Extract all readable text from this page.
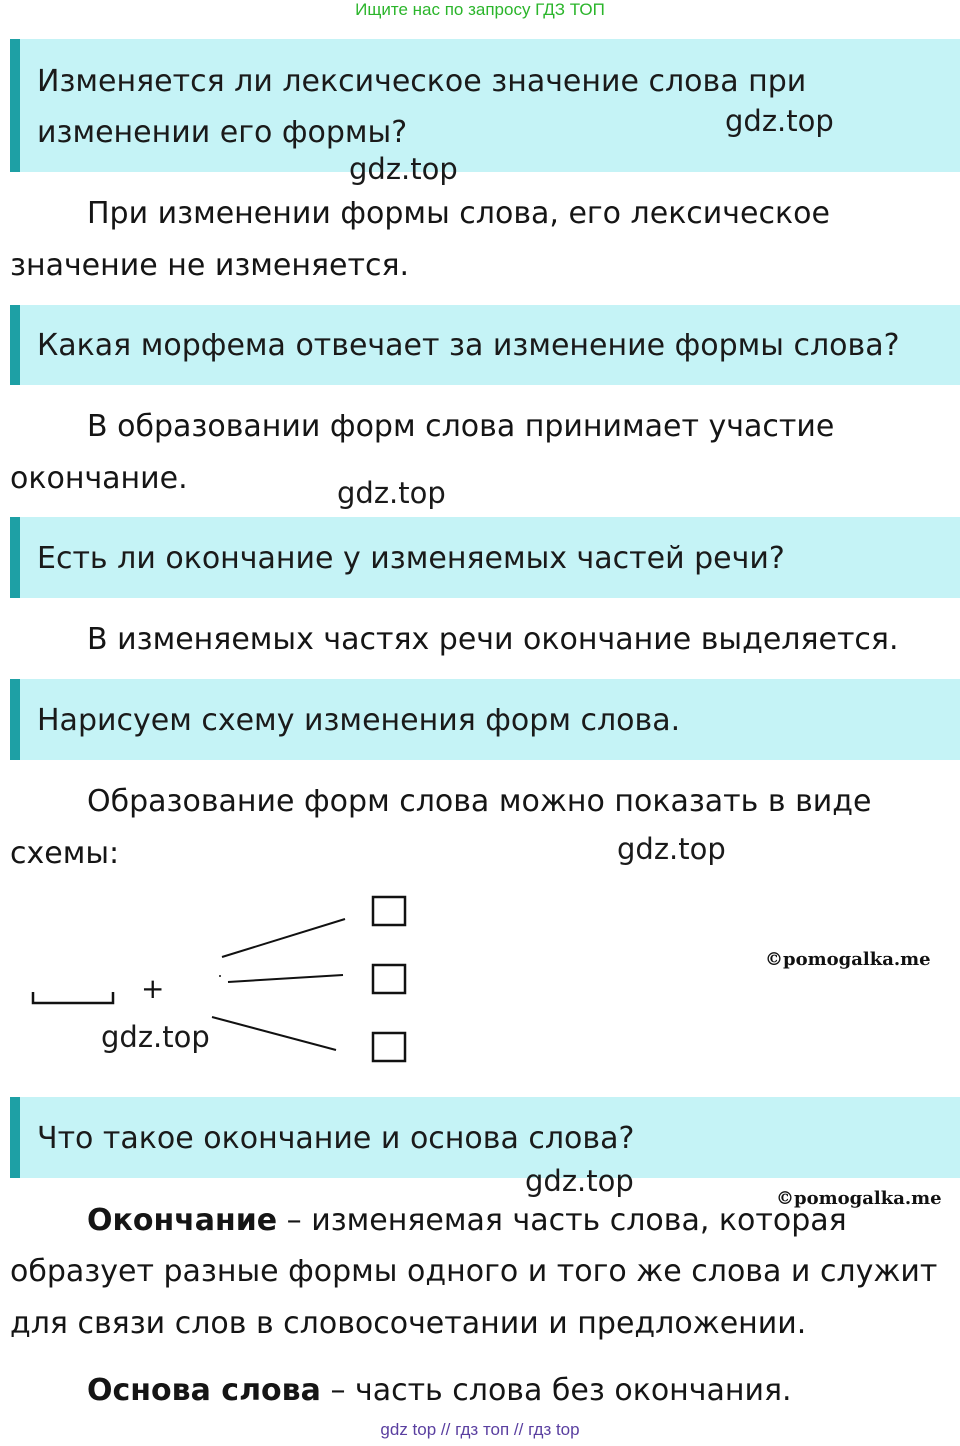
Ищите нас по запросу ГДЗ ТОП
Изменяется ли лексическое значение слова при
изменении его формы?	gdz.top
gdz.top
При изменении формы слова, его лексическое
значение не изменяется.
Какая морфема отвечает за изменение формы слова?
В образовании форм слова принимает участие
окончание.	gdz.top
Есть ли окончание у изменяемых частей речи?
В изменяемых частях речи окончание выделяется.
Нарисуем схему изменения форм слова.
Образование форм слова можно показать в виде
схемы:	gdz.top
+
gdz.top
©pomogalka.me
Что такое окончание и основа слова?
gdz.top
©pomogalka.me
Окончание – изменяемая часть слова, которая
образует разные формы одного и того же слова и служит
для связи слов в словосочетании и предложении.
Основа слова – часть слова без окончания.
gdz top // гдз топ // гдз top
